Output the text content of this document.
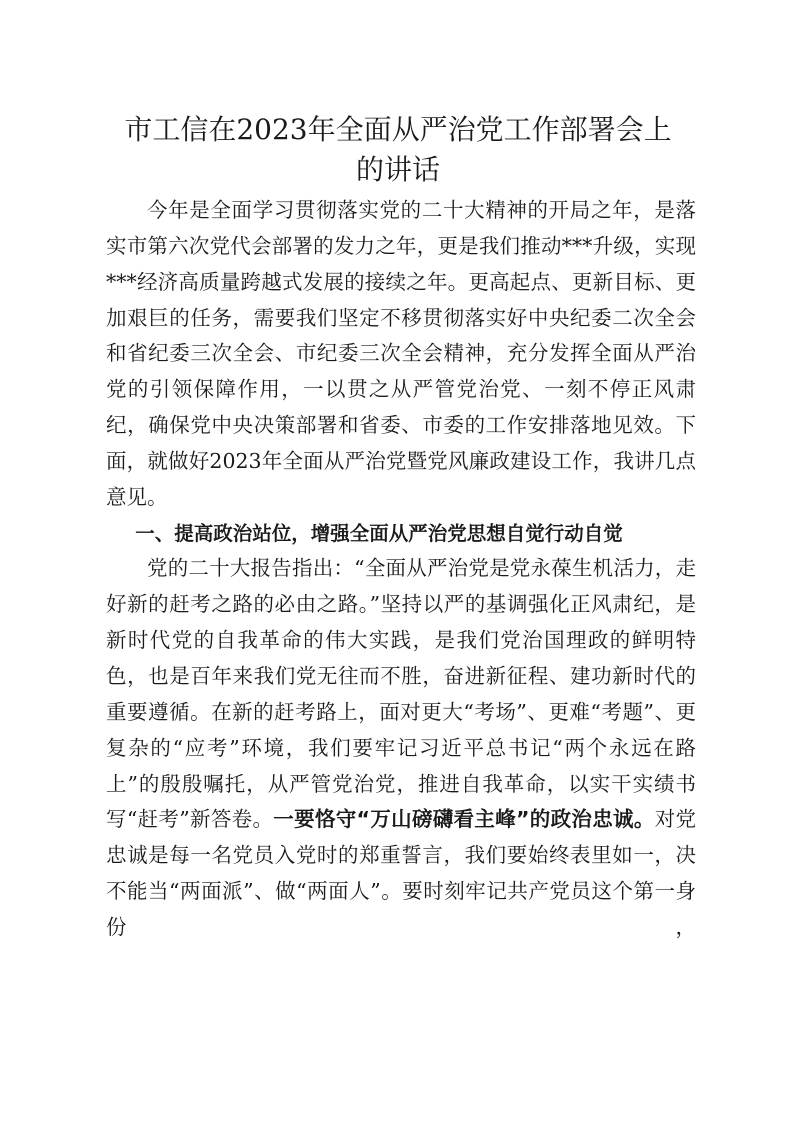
市工信在2023年全面从严治党工作部署会上
的讲话

今年是全面学习贯彻落实党的二十大精神的开局之年，是落实市第六次党代会部署的发力之年，更是我们推动***升级，实现***经济高质量跨越式发展的接续之年。更高起点、更新目标、更加艰巨的任务，需要我们坚定不移贯彻落实好中央纪委二次全会和省纪委三次全会、市纪委三次全会精神，充分发挥全面从严治党的引领保障作用，一以贯之从严管党治党、一刻不停正风肃纪，确保党中央决策部署和省委、市委的工作安排落地见效。下面，就做好2023年全面从严治党暨党风廉政建设工作，我讲几点意见。

一、提高政治站位，增强全面从严治党思想自觉行动自觉

党的二十大报告指出：“全面从严治党是党永葆生机活力，走好新的赶考之路的必由之路。”坚持以严的基调强化正风肃纪，是新时代党的自我革命的伟大实践，是我们党治国理政的鲜明特色，也是百年来我们党无往而不胜，奋进新征程、建功新时代的重要遵循。在新的赶考路上，面对更大“考场”、更难“考题”、更复杂的“应考”环境，我们要牢记习近平总书记“两个永远在路上”的殷殷嘱托，从严管党治党，推进自我革命，以实干实绩书写“赶考”新答卷。一要恪守“万山磅礴看主峰”的政治忠诚。对党忠诚是每一名党员入党时的郑重誓言，我们要始终表里如一，决不能当“两面派”、做“两面人”。要时刻牢记共产党员这个第一身份，
